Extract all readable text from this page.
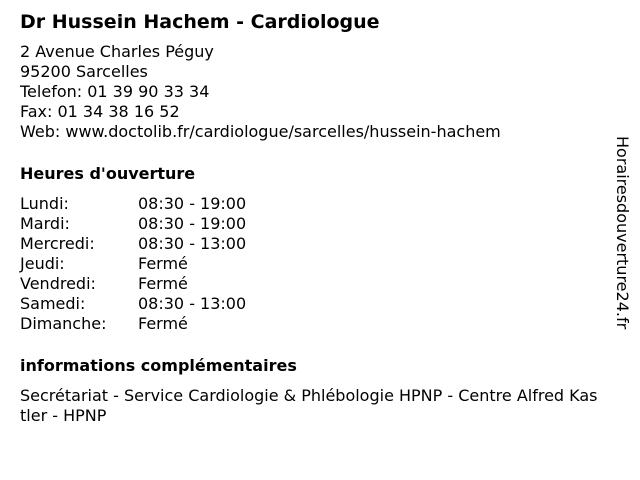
Dr Hussein Hachem - Cardiologue
2 Avenue Charles Péguy
95200 Sarcelles
Telefon: 01 39 90 33 34
Fax: 01 34 38 16 52
Web: www.doctolib.fr/cardiologue/sarcelles/hussein-hachem
Heures d'ouverture
Lundi:	08:30 - 19:00
Mardi:	08:30 - 19:00
Mercredi:	08:30 - 13:00
Jeudi:	Fermé
Vendredi:	Fermé
Samedi:	08:30 - 13:00
Dimanche: Fermé
informations complémentaires
Secrétariat - Service Cardiologie & Phlébologie HPNP - Centre Alfred Kastler - HPNP
Horairesdouverture24.fr
